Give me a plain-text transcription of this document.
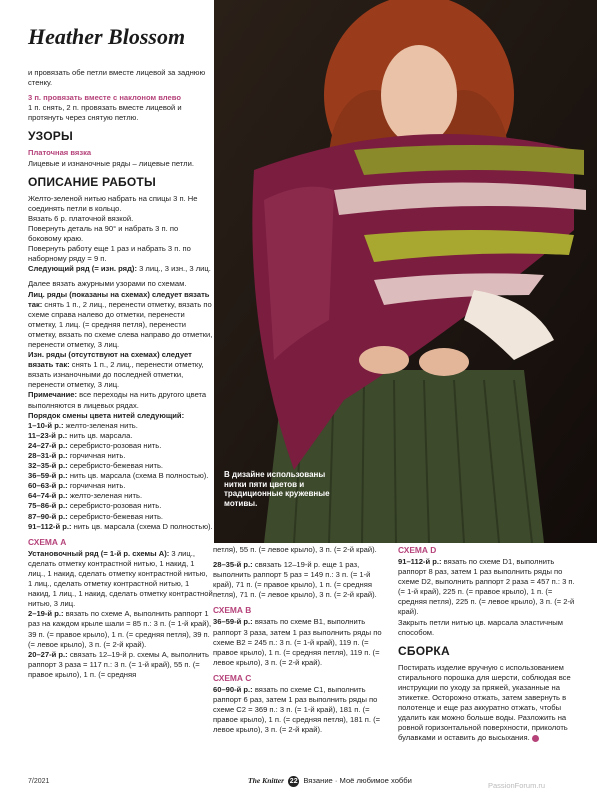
Heather Blossom
и провязать обе петли вместе лицевой за заднюю стенку.
3 п. провязать вместе с наклоном влево
1 п. снять, 2 п. провязать вместе лицевой и протянуть через снятую петлю.
УЗОРЫ
Платочная вязка
Лицевые и изнаночные ряды – лицевые петли.
ОПИСАНИЕ РАБОТЫ
Желто-зеленой нитью набрать на спицы 3 п. Не соединять петли в кольцо.
Вязать 6 р. платочной вязкой.
Повернуть деталь на 90° и набрать 3 п. по боковому краю.
Повернуть работу еще 1 раз и набрать 3 п. по наборному ряду = 9 п.
Следующий ряд (= изн. ряд): 3 лиц., 3 изн., 3 лиц.
Далее вязать ажурными узорами по схемам.
Лиц. ряды (показаны на схемах) следует вязать так: снять 1 п., 2 лиц., перенести отметку, вязать по схеме справа налево до отметки, перенести отметку, 1 лиц. (= средняя петля), перенести отметку, вязать по схеме слева направо до отметки, перенести отметку, 3 лиц.
Изн. ряды (отсутствуют на схемах) следует вязать так: снять 1 п., 2 лиц., перенести отметку, вязать изнаночными до последней отметки, перенести отметку, 3 лиц.
Примечание: все переходы на нить другого цвета выполняются в лицевых рядах.
Порядок смены цвета нитей следующий:
1–10-й р.: желто-зеленая нить.
11–23-й р.: нить цв. марсала.
24–27-й р.: серебристо-розовая нить.
28–31-й р.: горчичная нить.
32–35-й р.: серебристо-бежевая нить.
36–59-й р.: нить цв. марсала (схема В полностью).
60–63-й р.: горчичная нить.
64–74-й р.: желто-зеленая нить.
75–86-й р.: серебристо-розовая нить.
87–90-й р.: серебристо-бежевая нить.
91–112-й р.: нить цв. марсала (схема D полностью).
СХЕМА А
Установочный ряд (= 1-й р. схемы А): 3 лиц., сделать отметку контрастной нитью, 1 накид, 1 лиц., 1 накид, сделать отметку контрастной нитью, 1 лиц., сделать отметку контрастной нитью, 1 накид, 1 лиц., 1 накид, сделать отметку контрастной нитью, 3 лиц.
2–19-й р.: вязать по схеме А, выполнить раппорт 1 раз на каждом крыле шали = 85 п.: 3 п. (= 1-й край), 39 п. (= правое крыло), 1 п. (= средняя петля), 39 п. (= левое крыло), 3 п. (= 2-й край).
20–27-й р.: связать 12–19-й р. схемы А, выполнить раппорт 3 раза = 117 п.: 3 п. (= 1-й край), 55 п. (= правое крыло), 1 п. (= средняя
В дизайне использованы нитки пяти цветов и традиционные кружевные мотивы.
петля), 55 п. (= левое крыло), 3 п. (= 2-й край).
28–35-й р.: связать 12–19-й р. еще 1 раз, выполнить раппорт 5 раз = 149 п.: 3 п. (= 1-й край), 71 п. (= правое крыло), 1 п. (= средняя петля), 71 п. (= левое крыло), 3 п. (= 2-й край).
СХЕМА В
36–59-й р.: вязать по схеме В1, выполнить раппорт 3 раза, затем 1 раз выполнить ряды по схеме В2 = 245 п.: 3 п. (= 1-й край), 119 п. (= правое крыло), 1 п. (= средняя петля), 119 п. (= левое крыло), 3 п. (= 2-й край).
СХЕМА С
60–90-й р.: вязать по схеме С1, выполнить раппорт 6 раз, затем 1 раз выполнить ряды по схеме С2 = 369 п.: 3 п. (= 1-й край), 181 п. (= правое крыло), 1 п. (= средняя петля), 181 п. (= левое крыло), 3 п. (= 2-й край).
СХЕМА D
91–112-й р.: вязать по схеме D1, выполнить раппорт 8 раз, затем 1 раз выполнить ряды по схеме D2, выполнить раппорт 2 раза = 457 п.: 3 п. (= 1-й край), 225 п. (= правое крыло), 1 п. (= средняя петля), 225 п. (= левое крыло), 3 п. (= 2-й край).
Закрыть петли нитью цв. марсала эластичным способом.
СБОРКА
Постирать изделие вручную с использованием стирального порошка для шерсти, соблюдая все инструкции по уходу за пряжей, указанные на этикетке. Осторожно отжать, затем завернуть в полотенце и еще раз аккуратно отжать, чтобы удалить как можно больше воды. Разложить на ровной горизонтальной поверхности, приколоть булавками и оставить до высыхания.
7/2021	The Knitter 22 Вязание · Моё любимое хобби
PassionForum.ru
